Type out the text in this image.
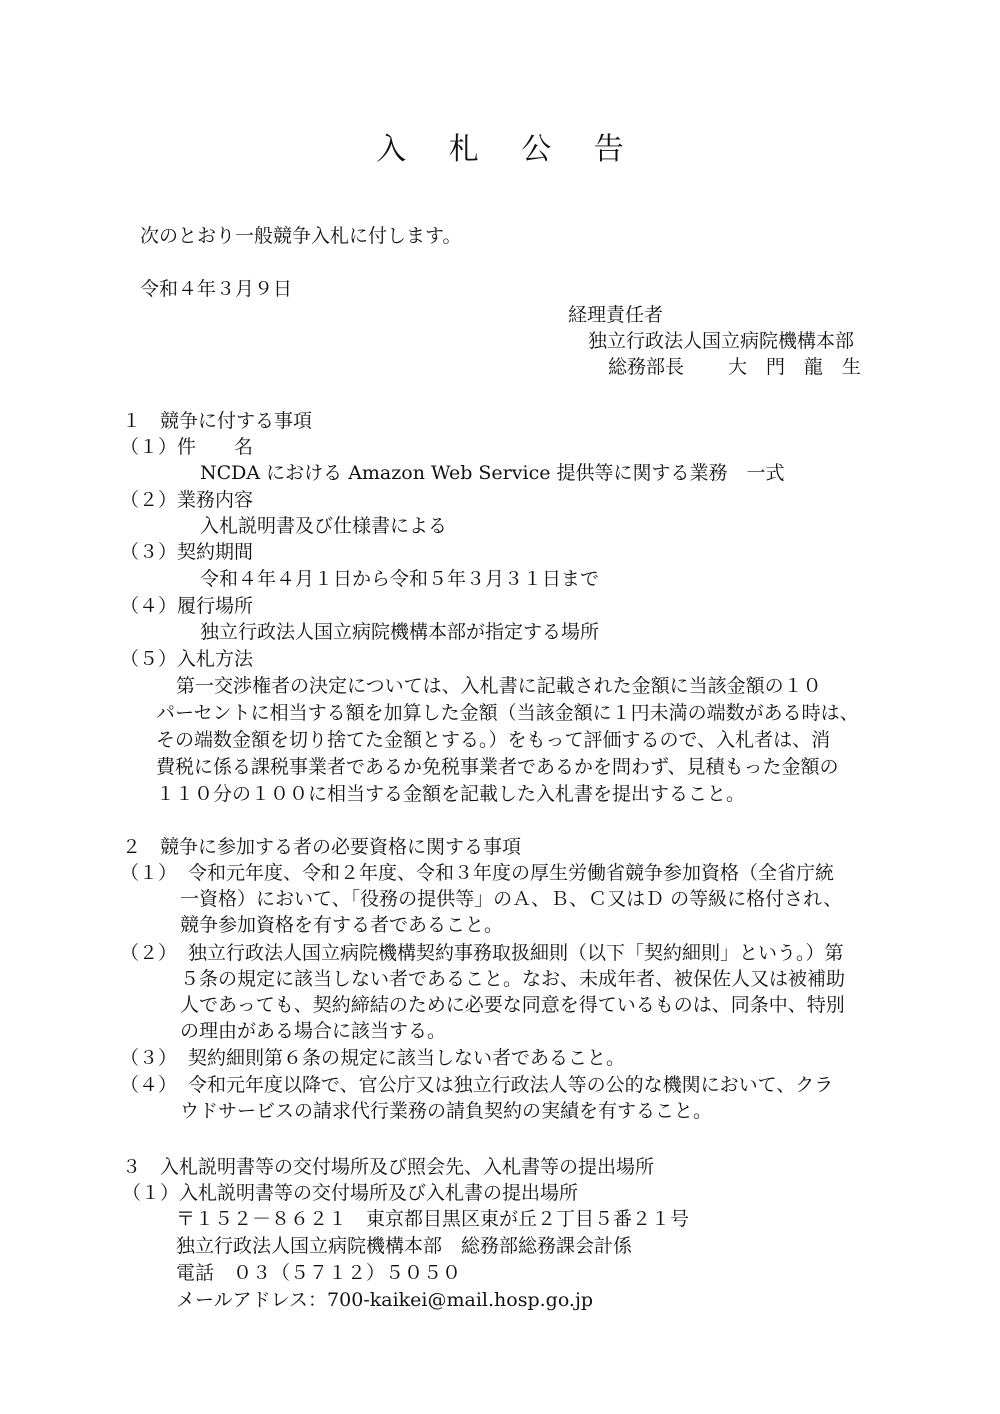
入 札 公 告
次のとおり一般競争入札に付します。
令和４年３月９日
経理責任者
独立行政法人国立病院機構本部
総務部長 大　門　龍　生
１　競争に付する事項
（１）件　　名
NCDA における Amazon Web Service 提供等に関する業務　一式
（２）業務内容
入札説明書及び仕様書による
（３）契約期間
令和４年４月１日から令和５年３月３１日まで
（４）履行場所
独立行政法人国立病院機構本部が指定する場所
（５）入札方法
第一交渉権者の決定については、入札書に記載された金額に当該金額の１０
パーセントに相当する額を加算した金額（当該金額に１円未満の端数がある時は、
その端数金額を切り捨てた金額とする。）をもって評価するので、入札者は、消
費税に係る課税事業者であるか免税事業者であるかを問わず、見積もった金額の
１１０分の１００に相当する金額を記載した入札書を提出すること。
２　競争に参加する者の必要資格に関する事項
（１） 令和元年度、令和２年度、令和３年度の厚生労働省競争参加資格（全省庁統
一資格）において、「役務の提供等」のＡ、Ｂ、Ｃ又はＤ の等級に格付され、
競争参加資格を有する者であること。
（２） 独立行政法人国立病院機構契約事務取扱細則（以下「契約細則」という。）第
５条の規定に該当しない者であること。なお、未成年者、被保佐人又は被補助
人であっても、契約締結のために必要な同意を得ているものは、同条中、特別
の理由がある場合に該当する。
（３） 契約細則第６条の規定に該当しない者であること。
（４） 令和元年度以降で、官公庁又は独立行政法人等の公的な機関において、クラ
ウドサービスの請求代行業務の請負契約の実績を有すること。
３　入札説明書等の交付場所及び照会先、入札書等の提出場所
（１）入札説明書等の交付場所及び入札書の提出場所
〒１５２－８６２１　東京都目黒区東が丘２丁目５番２１号
独立行政法人国立病院機構本部　総務部総務課会計係
電話　０３（５７１２）５０５０
メールアドレス：700-kaikei@mail.hosp.go.jp
